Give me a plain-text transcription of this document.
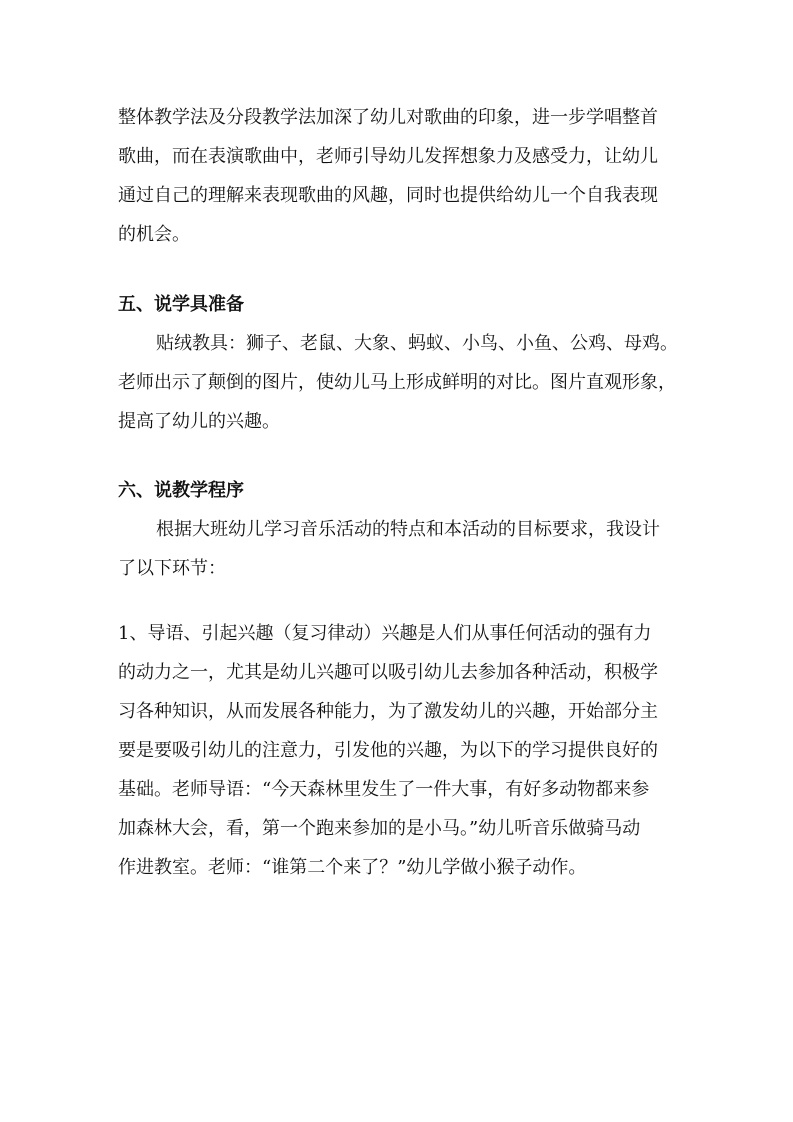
整体教学法及分段教学法加深了幼儿对歌曲的印象，进一步学唱整首
歌曲，而在表演歌曲中，老师引导幼儿发挥想象力及感受力，让幼儿
通过自己的理解来表现歌曲的风趣，同时也提供给幼儿一个自我表现
的机会。
五、说学具准备
贴绒教具：狮子、老鼠、大象、蚂蚁、小鸟、小鱼、公鸡、母鸡。
老师出示了颠倒的图片，使幼儿马上形成鲜明的对比。图片直观形象，
提高了幼儿的兴趣。
六、说教学程序
根据大班幼儿学习音乐活动的特点和本活动的目标要求，我设计
了以下环节：
1、导语、引起兴趣（复习律动）兴趣是人们从事任何活动的强有力
的动力之一，尤其是幼儿兴趣可以吸引幼儿去参加各种活动，积极学
习各种知识，从而发展各种能力，为了激发幼儿的兴趣，开始部分主
要是要吸引幼儿的注意力，引发他的兴趣，为以下的学习提供良好的
基础。老师导语：“今天森林里发生了一件大事，有好多动物都来参
加森林大会，看，第一个跑来参加的是小马。”幼儿听音乐做骑马动
作进教室。老师：“谁第二个来了？”幼儿学做小猴子动作。
